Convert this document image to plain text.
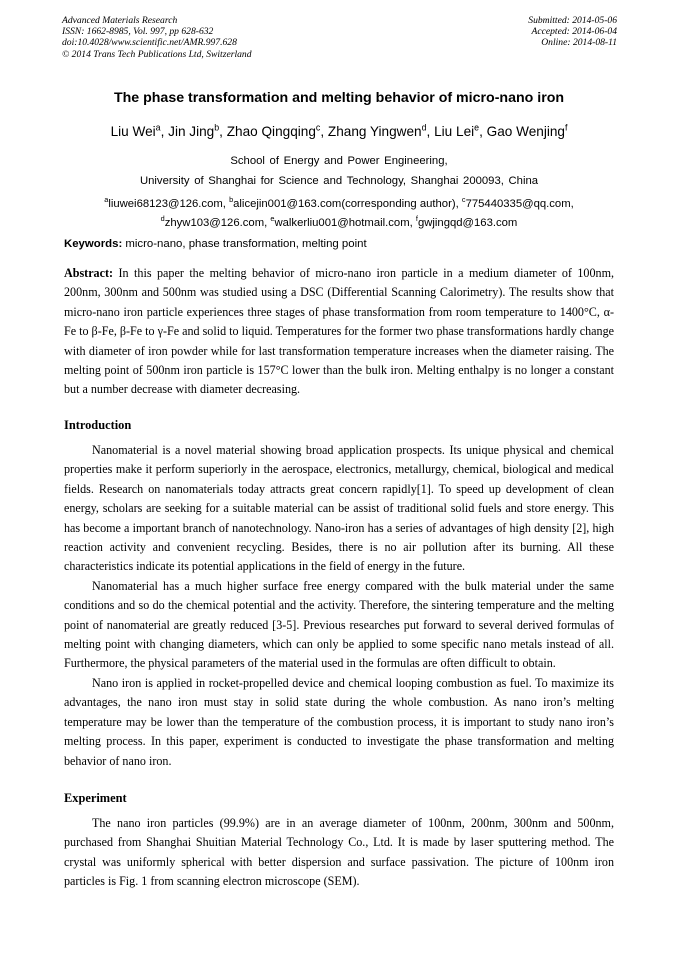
Advanced Materials Research
ISSN: 1662-8985, Vol. 997, pp 628-632
doi:10.4028/www.scientific.net/AMR.997.628
© 2014 Trans Tech Publications Ltd, Switzerland
Submitted: 2014-05-06
Accepted: 2014-06-04
Online: 2014-08-11
The phase transformation and melting behavior of micro-nano iron
Liu Wei$^a$, Jin Jing$^b$, Zhao Qingqing$^c$, Zhang Yingwen$^d$, Liu Lei$^e$, Gao Wenjing$^f$
School of Energy and Power Engineering,
University of Shanghai for Science and Technology, Shanghai 200093, China
$^a$liuwei68123@126.com, $^b$alicejin001@163.com(corresponding author), $^c$775440335@qq.com,
$^d$zhyw103@126.com, $^e$walkerliu001@hotmail.com, $^f$gwjingqd@163.com
Keywords: micro-nano, phase transformation, melting point

Abstract: In this paper the melting behavior of micro-nano iron particle in a medium diameter of 100nm, 200nm, 300nm and 500nm was studied using a DSC (Differential Scanning Calorimetry). The results show that micro-nano iron particle experiences three stages of phase transformation from room temperature to 1400°C, α-Fe to β-Fe, β-Fe to γ-Fe and solid to liquid. Temperatures for the former two phase transformations hardly change with diameter of iron powder while for last transformation temperature increases when the diameter raising. The melting point of 500nm iron particle is 157°C lower than the bulk iron. Melting enthalpy is no longer a constant but a number decrease with diameter decreasing.

Introduction

Nanomaterial is a novel material showing broad application prospects. Its unique physical and chemical properties make it perform superiorly in the aerospace, electronics, metallurgy, chemical, biological and medical fields. Research on nanomaterials today attracts great concern rapidly[1]. To speed up development of clean energy, scholars are seeking for a suitable material can be assist of traditional solid fuels and store energy. This has become a important branch of nanotechnology. Nano-iron has a series of advantages of high density [2], high reaction activity and convenient recycling. Besides, there is no air pollution after its burning. All these characteristics indicate its potential applications in the field of energy in the future.

Nanomaterial has a much higher surface free energy compared with the bulk material under the same conditions and so do the chemical potential and the activity. Therefore, the sintering temperature and the melting point of nanomaterial are greatly reduced [3-5]. Previous researches put forward to several derived formulas of melting point with changing diameters, which can only be applied to some specific nano metals instead of all. Furthermore, the physical parameters of the material used in the formulas are often difficult to obtain.

Nano iron is applied in rocket-propelled device and chemical looping combustion as fuel. To maximize its advantages, the nano iron must stay in solid state during the whole combustion. As nano iron’s melting temperature may be lower than the temperature of the combustion process, it is important to study nano iron’s melting process. In this paper, experiment is conducted to investigate the phase transformation and melting behavior of nano iron.

Experiment

The nano iron particles (99.9%) are in an average diameter of 100nm, 200nm, 300nm and 500nm, purchased from Shanghai Shuitian Material Technology Co., Ltd. It is made by laser sputtering method. The crystal was uniformly spherical with better dispersion and surface passivation. The picture of 100nm iron particles is Fig. 1 from scanning electron microscope (SEM).
